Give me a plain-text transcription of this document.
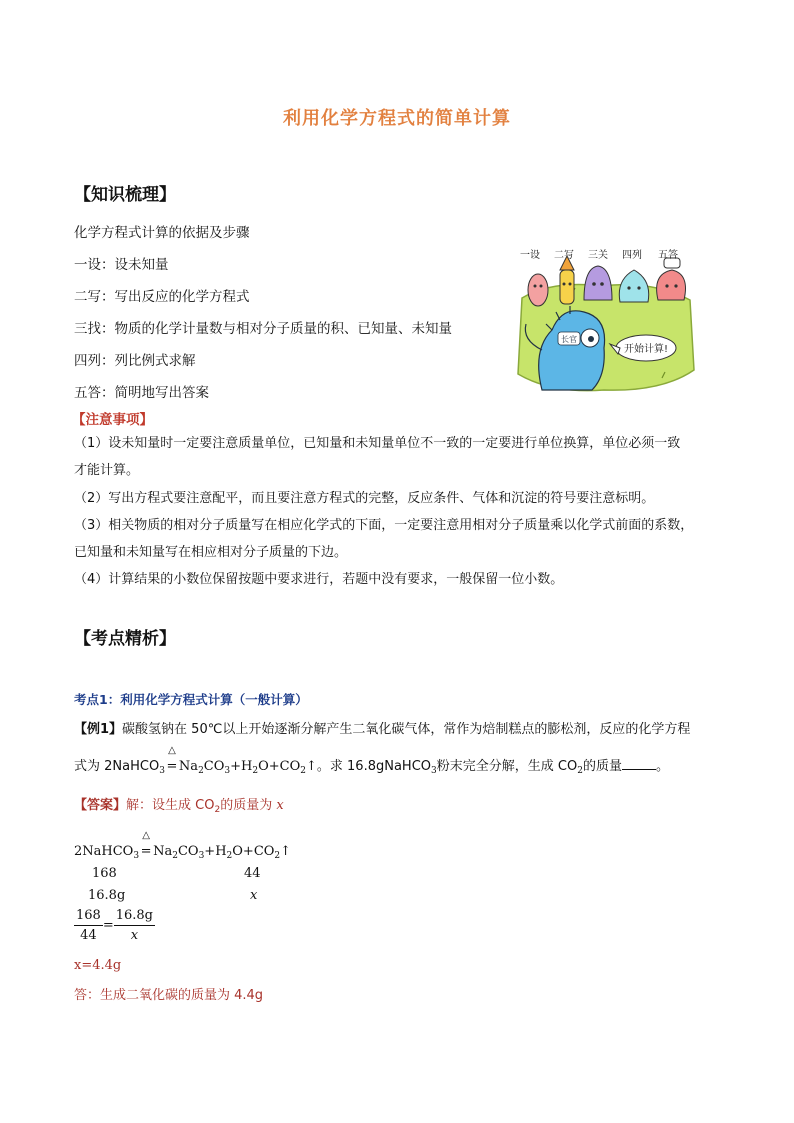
利用化学方程式的简单计算
【知识梳理】
化学方程式计算的依据及步骤
一设：设未知量
二写：写出反应的化学方程式
三找：物质的化学计量数与相对分子质量的积、已知量、未知量
四列：列比例式求解
五答：简明地写出答案
长官
开始计算!
一设 二写 三关 四列 五答
【注意事项】
（1）设未知量时一定要注意质量单位，已知量和未知量单位不一致的一定要进行单位换算，单位必须一致
才能计算。
（2）写出方程式要注意配平，而且要注意方程式的完整，反应条件、气体和沉淀的符号要注意标明。
（3）相关物质的相对分子质量写在相应化学式的下面，一定要注意用相对分子质量乘以化学式前面的系数，
已知量和未知量写在相应相对分子质量的下边。
（4）计算结果的小数位保留按题中要求进行，若题中没有要求，一般保留一位小数。
【考点精析】
考点1：利用化学方程式计算（一般计算）
【例1】碳酸氢钠在 50℃以上开始逐渐分解产生二氧化碳气体，常作为焙制糕点的膨松剂，反应的化学方程
式为 2NaHCO$_3$
△
= $Na_2CO_3+H_2O+CO_2↑$。求 16.8gNaHCO$_3$粉末完全分解，生成 $CO_2$的质量	。
【答案】解：设生成 $CO_2$的质量为 x
2NaHCO$_3$
△
= $Na_2CO_3+H_2O+CO_2↑$
168	44
16.8g	x
$\frac{168}{44} = \frac{16.8g}{x}$
x=4.4g
答：生成二氧化碳的质量为 4.4g
